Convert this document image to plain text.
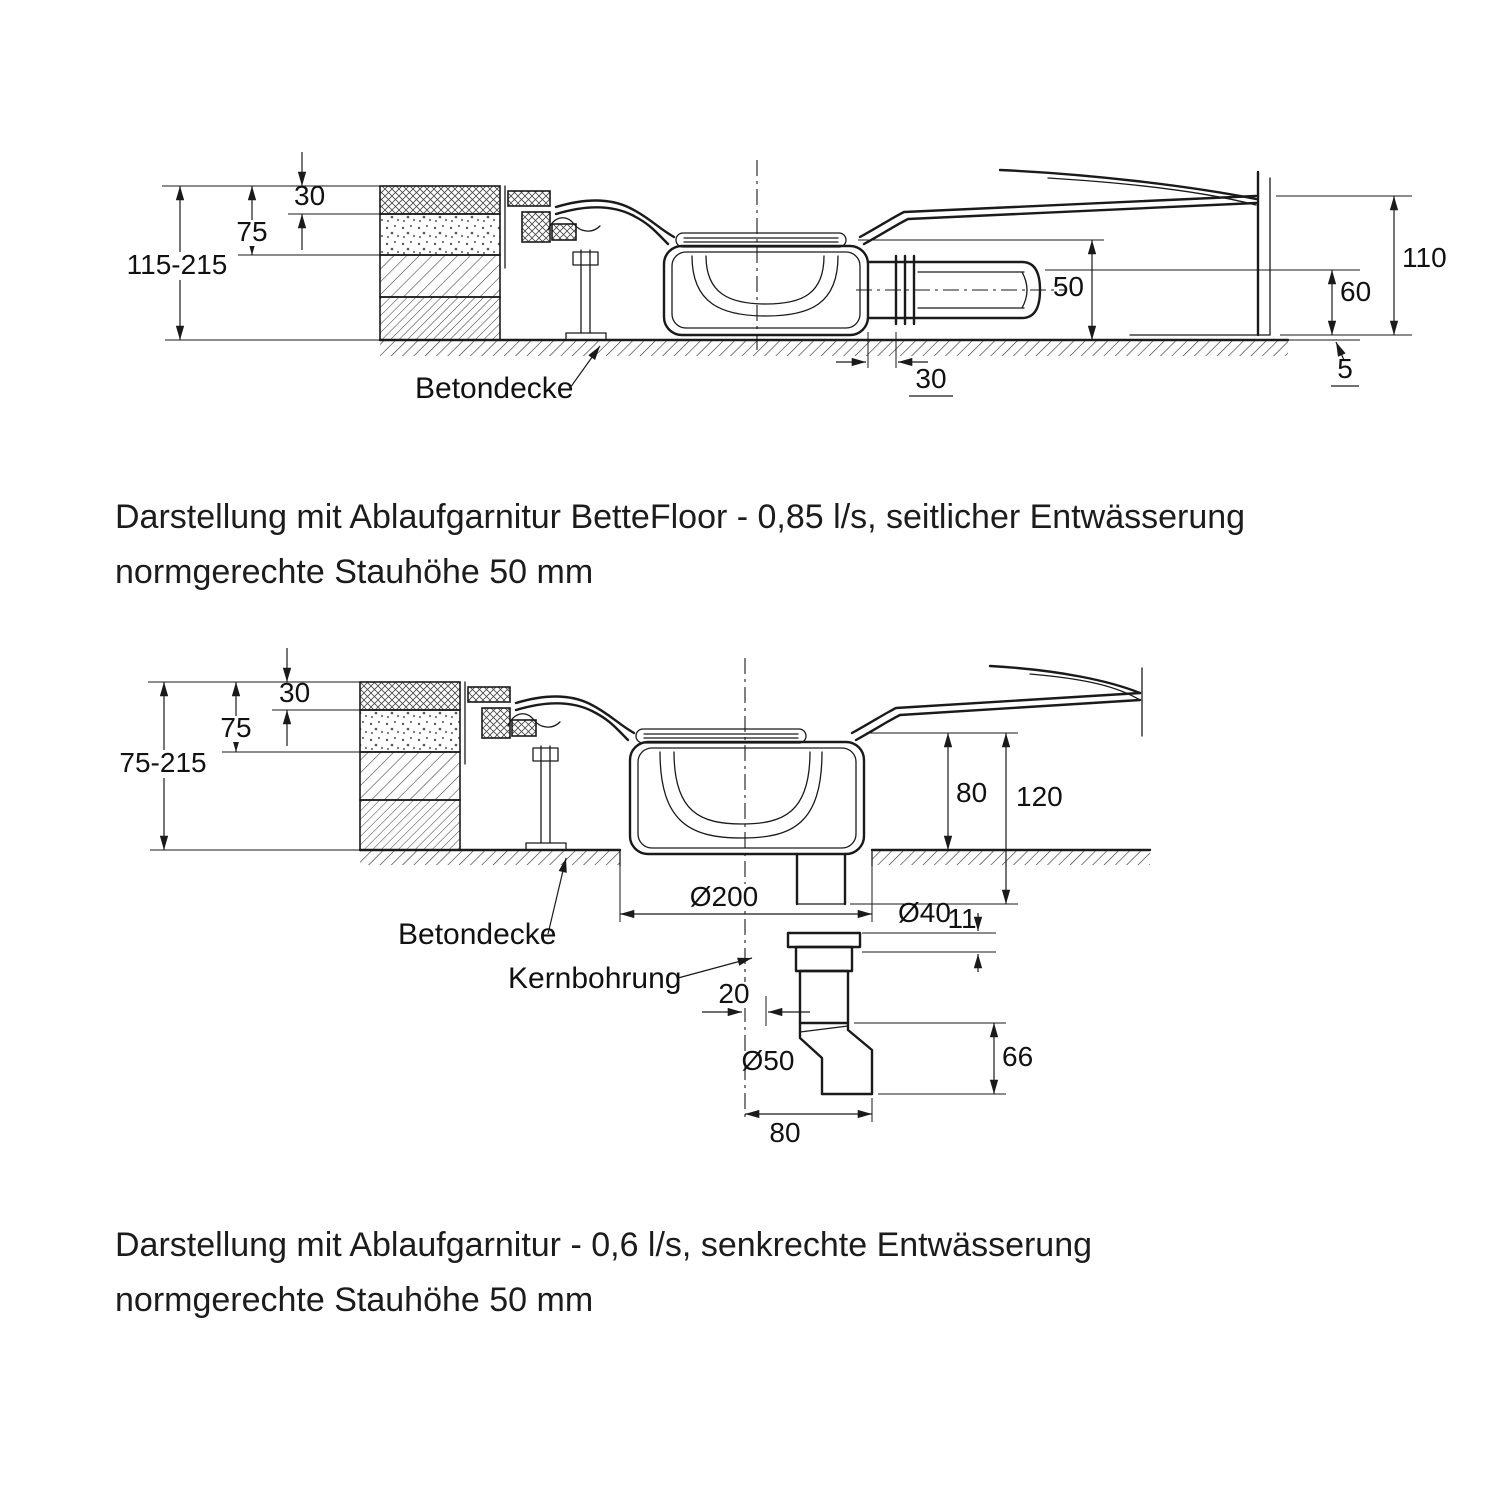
30
75
115-215
50
110
60
5
30
Betondecke
30
75
75-215
80 120
Ø200
Ø40
11
20
66
Ø50
80
Betondecke
Kernbohrung
Darstellung mit Ablaufgarnitur BetteFloor - 0,85 l/s, seitlicher Entwässerung
normgerechte Stauhöhe 50 mm
Darstellung mit Ablaufgarnitur - 0,6 l/s, senkrechte Entwässerung
normgerechte Stauhöhe 50 mm
